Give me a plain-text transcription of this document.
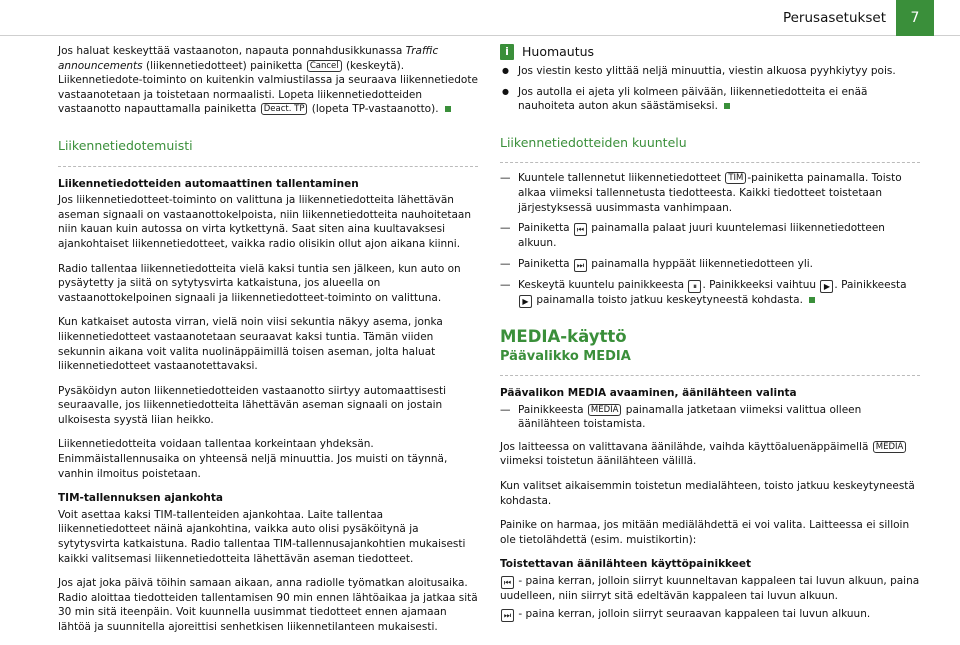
Perusasetukset	7

Jos haluat keskeyttää vastaanoton, napauta ponnahdusikkunassa Traffic announcements (liikennetiedotteet) painiketta Cancel (keskeytä). Liikennetiedote-toiminto on kuitenkin valmiustilassa ja seuraava liikennetiedote vastaanotetaan ja toistetaan normaalisti. Lopeta liikennetiedotteiden vastaanotto napauttamalla painiketta Deact. TP (lopeta TP-vastaanotto).

Liikennetiedotemuisti
Liikennetiedotteiden automaattinen tallentaminen

Jos liikennetiedotteet-toiminto on valittuna ja liikennetiedotteita lähettävän aseman signaali on vastaanottokelpoista, niin liikennetiedotteita nauhoitetaan niin kauan kuin autossa on virta kytkettynä. Saat siten aina kuultavaksesi ajankohtaiset liikennetiedotteet, vaikka radio olisikin ollut ajon aikana kiinni.

Radio tallentaa liikennetiedotteita vielä kaksi tuntia sen jälkeen, kun auto on pysäytetty ja siitä on sytytysvirta katkaistuna, jos alueella on vastaanottokelpoinen signaali ja liikennetiedotteet-toiminto on valittuna.

Kun katkaiset autosta virran, vielä noin viisi sekuntia näkyy asema, jonka liikennetiedotteet vastaanotetaan seuraavat kaksi tuntia. Tämän viiden sekunnin aikana voit valita nuolinäppäimillä toisen aseman, jolta haluat liikennetiedotteet vastaanotettavaksi.

Pysäköidyn auton liikennetiedotteiden vastaanotto siirtyy automaattisesti seuraavalle, jos liikennetiedotteita lähettävän aseman signaali on jostain ulkoisesta syystä liian heikko.

Liikennetiedotteita voidaan tallentaa korkeintaan yhdeksän. Enimmäistallennusaika on yhteensä neljä minuuttia. Jos muisti on täynnä, vanhin ilmoitus poistetaan.

TIM-tallennuksen ajankohta

Voit asettaa kaksi TIM-tallenteiden ajankohtaa. Laite tallentaa liikennetiedotteet näinä ajankohtina, vaikka auto olisi pysäköitynä ja sytytysvirta katkaistuna. Radio tallentaa TIM-tallennusajankohtien mukaisesti kaikki valitsemasi liikennetiedotteita lähettävän aseman tiedotteet.

Jos ajat joka päivä töihin samaan aikaan, anna radiolle työmatkan aloitusaika. Radio aloittaa tiedotteiden tallentamisen 90 min ennen lähtöaikaa ja jatkaa sitä 30 min sitä iteenpäin. Voit kuunnella uusimmat tiedotteet ennen ajamaan lähtöä ja suunnitella ajoreittisi senhetkisen liikennetilanteen mukaisesti.

i	Huomautus
● Jos viestin kesto ylittää neljä minuuttia, viestin alkuosa pyyhkiytyy pois.
● Jos autolla ei ajeta yli kolmeen päivään, liikennetiedotteita ei enää nauhoiteta auton akun säästämiseksi.
Liikennetiedotteiden kuuntelu
— Kuuntele tallennetut liikennetiedotteet TIM -painiketta painamalla. Toisto alkaa viimeksi tallennetusta tiedotteesta. Kaikki tiedotteet toistetaan järjestyksessä uusimmasta vanhimpaan.
— Painiketta ⏮ painamalla palaat juuri kuuntelemasi liikennetiedotteen alkuun.
— Painiketta ⏭ painamalla hyppäät liikennetiedotteen yli.
— Keskeytä kuuntelu painikkeesta ⏸ . Painikkeeksi vaihtuu ▶ . Painikkeesta ▶ painamalla toisto jatkuu keskeytyneestä kohdasta.
MEDIA-käyttö
Päävalikko MEDIA
Päävalikon MEDIA avaaminen, äänilähteen valinta
— Painikkeesta MEDIA painamalla jatketaan viimeksi valittua olleen äänilähteen toistamista.

Jos laitteessa on valittavana äänilähde, vaihda käyttöaluenäppäimellä MEDIA viimeksi toistetun äänilähteen välillä.

Kun valitset aikaisemmin toistetun medialähteen, toisto jatkuu keskeytyneestä kohdasta.

Painike on harmaa, jos mitään mediälähdettä ei voi valita. Laitteessa ei silloin ole tietolähdettä (esim. muistikortin):

Toistettavan äänilähteen käyttöpainikkeet

⏮ - paina kerran, jolloin siirryt kuunneltavan kappaleen tai luvun alkuun, paina uudelleen, niin siirryt sitä edeltävän kappaleen tai luvun alkuun.

⏭ - paina kerran, jolloin siirryt seuraavan kappaleen tai luvun alkuun.
